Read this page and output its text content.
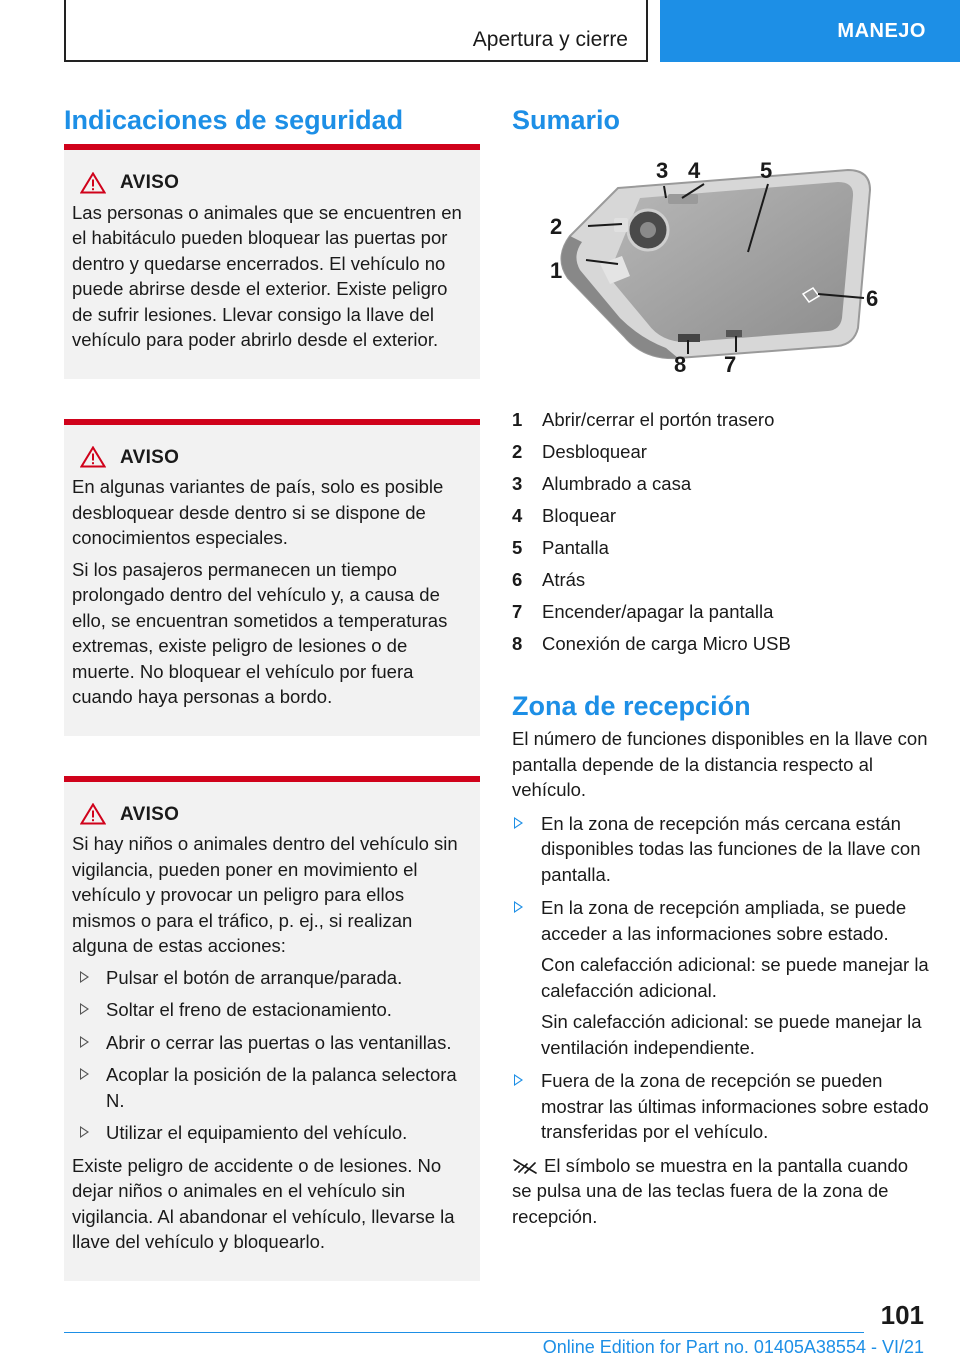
Apertura y cierre	MANEJO
Indicaciones de seguridad
AVISO

Las personas o animales que se encuentren en el habitáculo pueden bloquear las puertas por dentro y quedarse encerrados. El vehículo no puede abrirse desde el exterior. Existe peligro de sufrir lesiones. Llevar consigo la llave del vehículo para poder abrirlo desde el exterior.

AVISO

En algunas variantes de país, solo es posible desbloquear desde dentro si se dispone de conocimientos especiales.

Si los pasajeros permanecen un tiempo prolongado dentro del vehículo y, a causa de ello, se encuentran sometidos a temperaturas extremas, existe peligro de lesiones o de muerte. No bloquear el vehículo por fuera cuando haya personas a bordo.

AVISO

Si hay niños o animales dentro del vehículo sin vigilancia, pueden poner en movimiento el vehículo y provocar un peligro para ellos mismos o para el tráfico, p. ej., si realizan alguna de estas acciones:

Pulsar el botón de arranque/parada.
Soltar el freno de estacionamiento.
Abrir o cerrar las puertas o las ventanillas.
Acoplar la posición de la palanca selectora N.
Utilizar el equipamiento del vehículo.

Existe peligro de accidente o de lesiones. No dejar niños o animales en el vehículo sin vigilancia. Al abandonar el vehículo, llevarse la llave del vehículo y bloquearlo.

Sumario
1
2
3 4	5
6
7
8
1	Abrir/cerrar el portón trasero
2	Desbloquear
3	Alumbrado a casa
4	Bloquear
5	Pantalla
6	Atrás
7	Encender/apagar la pantalla
8	Conexión de carga Micro USB
Zona de recepción

El número de funciones disponibles en la llave con pantalla depende de la distancia respecto al vehículo.

En la zona de recepción más cercana están disponibles todas las funciones de la llave con pantalla.
En la zona de recepción ampliada, se puede acceder a las informaciones sobre estado.

Con calefacción adicional: se puede manejar la calefacción adicional.

Sin calefacción adicional: se puede manejar la ventilación independiente.

Fuera de la zona de recepción se pueden mostrar las últimas informaciones sobre estado transferidas por el vehículo.
El símbolo se muestra en la pantalla cuando se pulsa una de las teclas fuera de la zona de recepción.
101
Online Edition for Part no. 01405A38554 - VI/21
